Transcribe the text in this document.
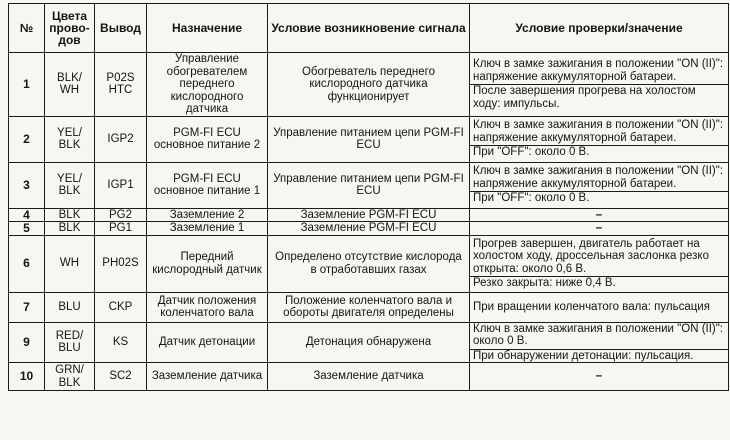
№	Цвета прово-дов	Вывод	Назначение	Условие возникновение сигнала	Условие проверки/значение
1	BLK/ WH	P02S HTC	Управление обогревателем переднего кислородного датчика	Обогреватель переднего кислородного датчика функционирует	Ключ в замке зажигания в положении "ON (II)": напряжение аккумуляторной батареи.
После завершения прогрева на холостом ходу: импульсы.

2	YEL/ BLK	IGP2	PGM-FI ECU основное питание 2	Управление питанием цепи PGM-FI ECU	Ключ в замке зажигания в положении "ON (II)": напряжение аккумуляторной батареи.
При "OFF": около 0 В.

3	YEL/ BLK	IGP1	PGM-FI ECU основное питание 1	Управление питанием цепи PGM-FI ECU	Ключ в замке зажигания в положении "ON (II)": напряжение аккумуляторной батареи.
При "OFF": около 0 В.

4	BLK	PG2	Заземление 2	Заземление PGM-FI ECU	–

5	BLK	PG1	Заземление 1	Заземление PGM-FI ECU	–

6	WH	PH02S	Передний кислородный датчик	Определено отсутствие кислорода в отработавших газах	Прогрев завершен, двигатель работает на холостом ходу, дроссельная заслонка резко открыта: около 0,6 В.
Резко закрыта: ниже 0,4 В.

7	BLU	CKP	Датчик положения коленчатого вала	Положение коленчатого вала и обороты двигателя определены	При вращении коленчатого вала: пульсация

9	RED/ BLU	KS	Датчик детонации	Детонация обнаружена	Ключ в замке зажигания в положении "ON (II)": около 0 В.
При обнаружении детонации: пульсация.

10	GRN/ BLK	SC2	Заземление датчика	Заземление датчика	–
